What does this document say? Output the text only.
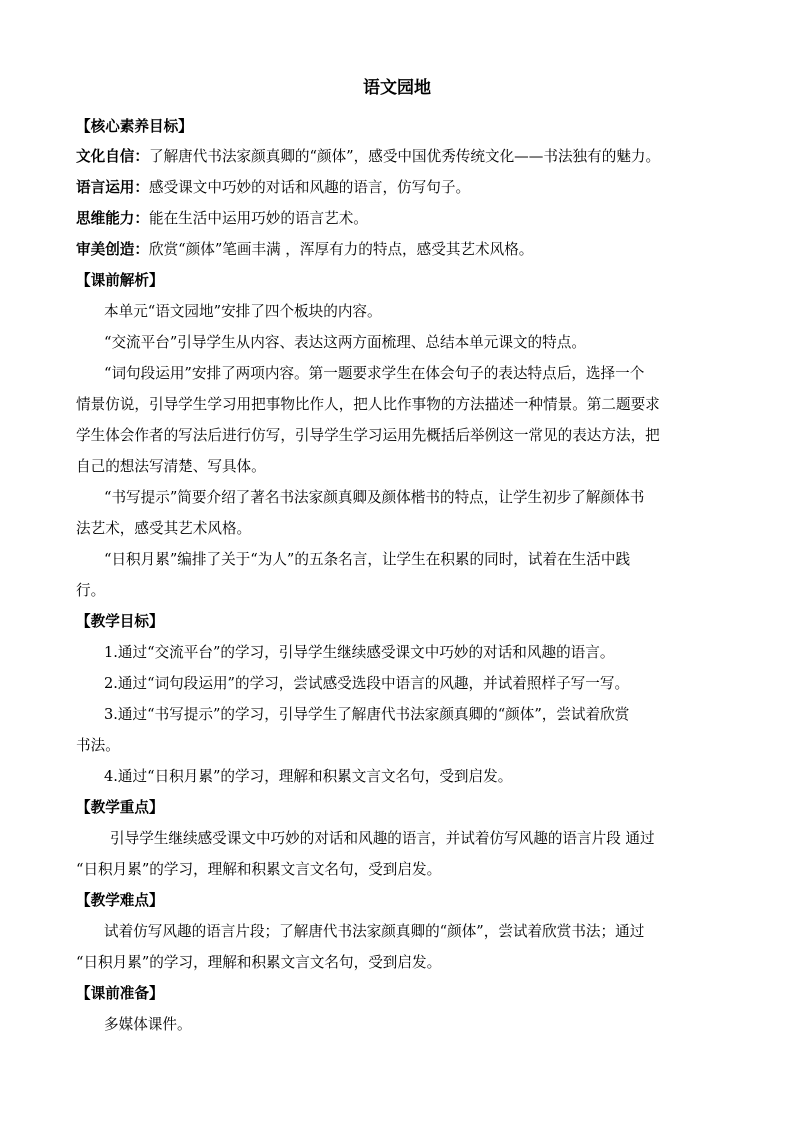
语文园地
【核心素养目标】
文化自信：了解唐代书法家颜真卿的“颜体”，感受中国优秀传统文化——书法独有的魅力。
语言运用：感受课文中巧妙的对话和风趣的语言，仿写句子。
思维能力：能在生活中运用巧妙的语言艺术。
审美创造：欣赏“颜体”笔画丰满 ，浑厚有力的特点，感受其艺术风格。
【课前解析】
本单元“语文园地”安排了四个板块的内容。
“交流平台”引导学生从内容、表达这两方面梳理、总结本单元课文的特点。
“词句段运用”安排了两项内容。第一题要求学生在体会句子的表达特点后，选择一个
情景仿说，引导学生学习用把事物比作人，把人比作事物的方法描述一种情景。第二题要求
学生体会作者的写法后进行仿写，引导学生学习运用先概括后举例这一常见的表达方法，把
自己的想法写清楚、写具体。
“书写提示”简要介绍了著名书法家颜真卿及颜体楷书的特点，让学生初步了解颜体书
法艺术，感受其艺术风格。
“日积月累”编排了关于“为人”的五条名言，让学生在积累的同时，试着在生活中践
行。
【教学目标】
1.通过“交流平台”的学习，引导学生继续感受课文中巧妙的对话和风趣的语言。
2.通过“词句段运用”的学习，尝试感受选段中语言的风趣，并试着照样子写一写。
3.通过“书写提示”的学习，引导学生了解唐代书法家颜真卿的“颜体”，尝试着欣赏
书法。
4.通过“日积月累”的学习，理解和积累文言文名句，受到启发。
【教学重点】
引导学生继续感受课文中巧妙的对话和风趣的语言，并试着仿写风趣的语言片段 通过
“日积月累”的学习，理解和积累文言文名句，受到启发。
【教学难点】
试着仿写风趣的语言片段；了解唐代书法家颜真卿的“颜体”，尝试着欣赏书法；通过
“日积月累”的学习，理解和积累文言文名句，受到启发。
【课前准备】
多媒体课件。
